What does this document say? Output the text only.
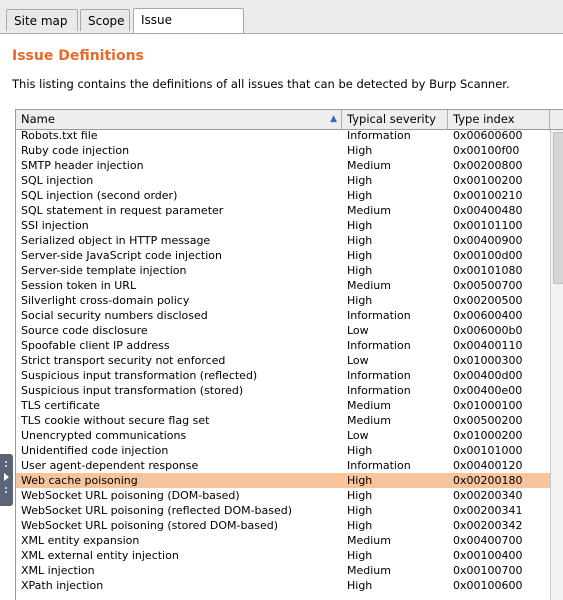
Site map	Scope	Issue
Issue Definitions
This listing contains the definitions of all issues that can be detected by Burp Scanner.
Name	▲ Typical severity	Type index
Robots.txt file	Information	0x00600600
Ruby code injection	High	0x00100f00
SMTP header injection	Medium	0x00200800
SQL injection	High	0x00100200
SQL injection (second order)	High	0x00100210
SQL statement in request parameter	Medium	0x00400480
SSI injection	High	0x00101100
Serialized object in HTTP message	High	0x00400900
Server-side JavaScript code injection	High	0x00100d00
Server-side template injection	High	0x00101080
Session token in URL	Medium	0x00500700
Silverlight cross-domain policy	High	0x00200500
Social security numbers disclosed	Information	0x00600400
Source code disclosure	Low	0x006000b0
Spoofable client IP address	Information	0x00400110
Strict transport security not enforced	Low	0x01000300
Suspicious input transformation (reflected)	Information	0x00400d00
Suspicious input transformation (stored)	Information	0x00400e00
TLS certificate	Medium	0x01000100
TLS cookie without secure flag set	Medium	0x00500200
Unencrypted communications	Low	0x01000200
Unidentified code injection	High	0x00101000
User agent-dependent response	Information	0x00400120
Web cache poisoning	High	0x00200180
WebSocket URL poisoning (DOM-based)	High	0x00200340
WebSocket URL poisoning (reflected DOM-based)	High	0x00200341
WebSocket URL poisoning (stored DOM-based)	High	0x00200342
XML entity expansion	Medium	0x00400700
XML external entity injection	High	0x00100400
XML injection	Medium	0x00100700
XPath injection	High	0x00100600
